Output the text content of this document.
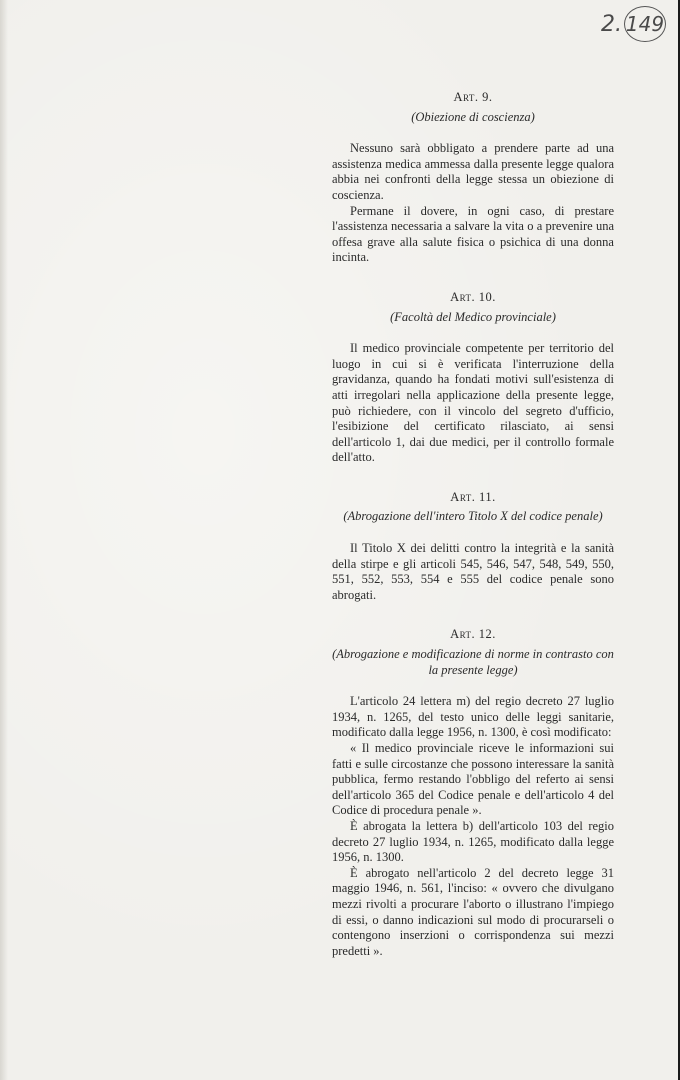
2. 149
Art. 9.
(Obiezione di coscienza)

Nessuno sarà obbligato a prendere parte ad una assistenza medica ammessa dalla presente legge qualora abbia nei confronti della legge stessa un obiezione di coscienza.

Permane il dovere, in ogni caso, di prestare l'assistenza necessaria a salvare la vita o a prevenire una offesa grave alla salute fisica o psichica di una donna incinta.

Art. 10.
(Facoltà del Medico provinciale)

Il medico provinciale competente per territorio del luogo in cui si è verificata l'interruzione della gravidanza, quando ha fondati motivi sull'esistenza di atti irregolari nella applicazione della presente legge, può richiedere, con il vincolo del segreto d'ufficio, l'esibizione del certificato rilasciato, ai sensi dell'articolo 1, dai due medici, per il controllo formale dell'atto.

Art. 11.
(Abrogazione dell'intero Titolo X del codice penale)

Il Titolo X dei delitti contro la integrità e la sanità della stirpe e gli articoli 545, 546, 547, 548, 549, 550, 551, 552, 553, 554 e 555 del codice penale sono abrogati.

Art. 12.
(Abrogazione e modificazione di norme in contrasto con la presente legge)

L'articolo 24 lettera m) del regio decreto 27 luglio 1934, n. 1265, del testo unico delle leggi sanitarie, modificato dalla legge 1956, n. 1300, è così modificato:

« Il medico provinciale riceve le informazioni sui fatti e sulle circostanze che possono interessare la sanità pubblica, fermo restando l'obbligo del referto ai sensi dell'articolo 365 del Codice penale e dell'articolo 4 del Codice di procedura penale ».

È abrogata la lettera b) dell'articolo 103 del regio decreto 27 luglio 1934, n. 1265, modificato dalla legge 1956, n. 1300.

È abrogato nell'articolo 2 del decreto legge 31 maggio 1946, n. 561, l'inciso: « ovvero che divulgano mezzi rivolti a procurare l'aborto o illustrano l'impiego di essi, o danno indicazioni sul modo di procurarseli o contengono inserzioni o corrispondenza sui mezzi predetti ».
